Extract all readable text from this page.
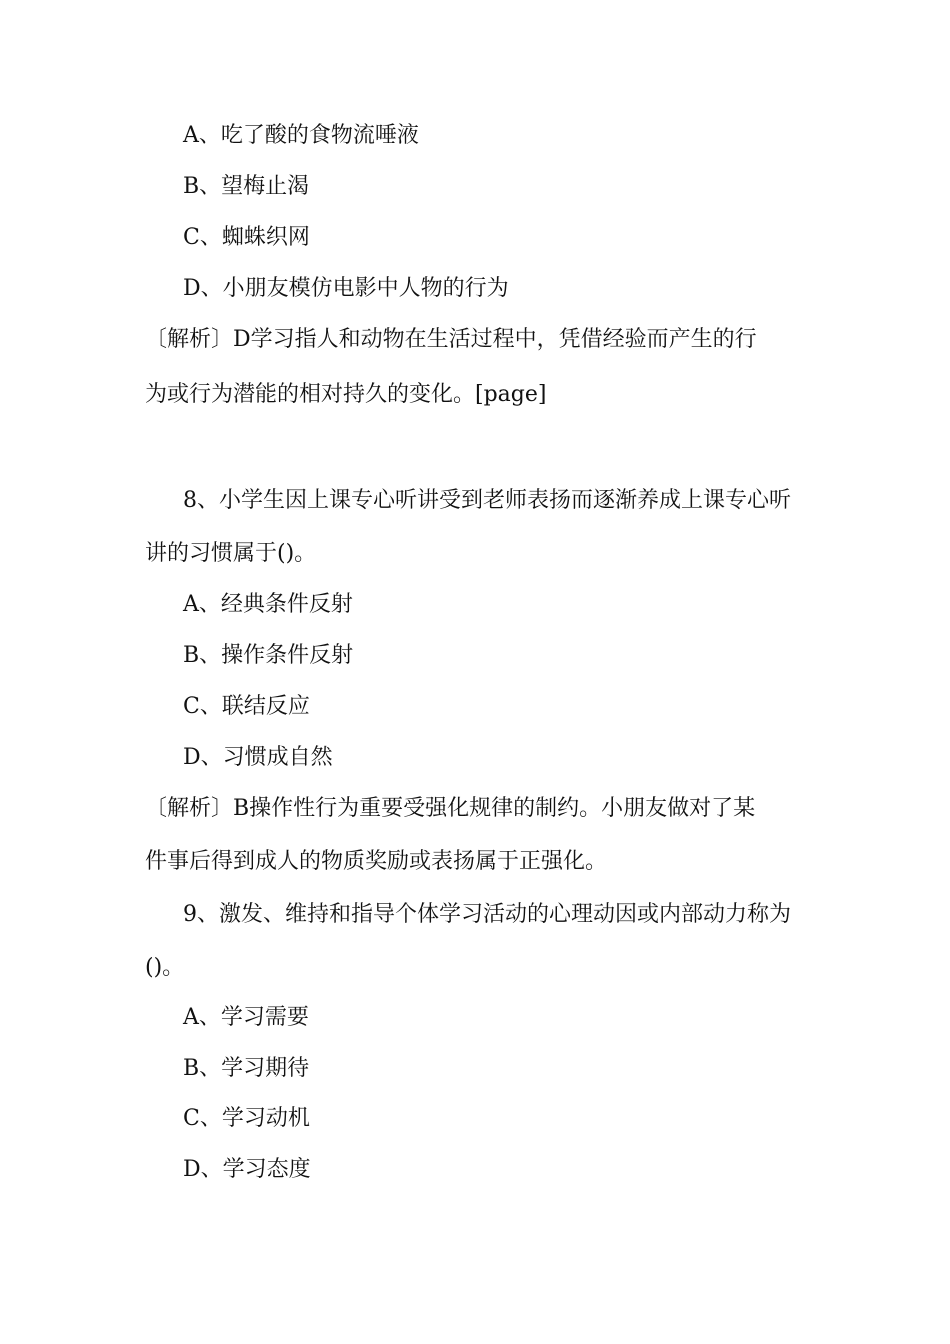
A、吃了酸的食物流唾液
B、望梅止渴
C、蜘蛛织网
D、小朋友模仿电影中人物的行为
〔解析〕D学习指人和动物在生活过程中，凭借经验而产生的行
为或行为潜能的相对持久的变化。[page]
8、小学生因上课专心听讲受到老师表扬而逐渐养成上课专心听
讲的习惯属于()。
A、经典条件反射
B、操作条件反射
C、联结反应
D、习惯成自然
〔解析〕B操作性行为重要受强化规律的制约。小朋友做对了某
件事后得到成人的物质奖励或表扬属于正强化。
9、激发、维持和指导个体学习活动的心理动因或内部动力称为
()。
A、学习需要
B、学习期待
C、学习动机
D、学习态度
